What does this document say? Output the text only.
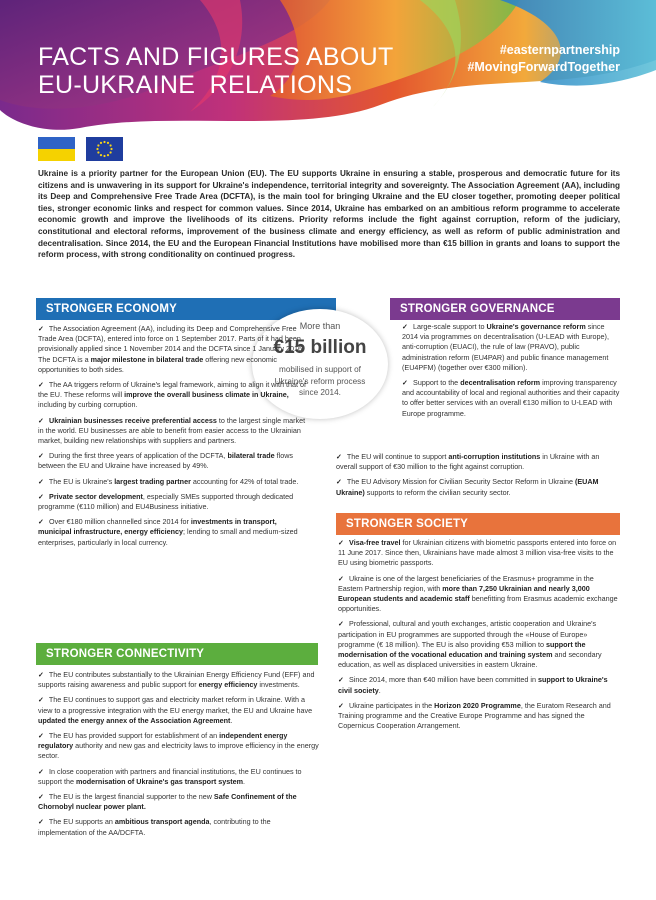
FACTS AND FIGURES ABOUT
EU-UKRAINE  RELATIONS
#easternpartnership
#MovingForwardTogether
Ukraine is a priority partner for the European Union (EU). The EU supports Ukraine in ensuring a stable, prosperous and democratic future for its citizens and is unwavering in its support for Ukraine's independence, territorial integrity and sovereignty. The Association Agreement (AA), including its Deep and Comprehensive Free Trade Area (DCFTA), is the main tool for bringing Ukraine and the EU closer together, promoting deeper political ties, stronger economic links and respect for common values. Since 2014, Ukraine has embarked on an ambitious reform programme to accelerate economic growth and improve the livelihoods of its citizens. Priority reforms include the fight against corruption, reform of the judiciary, constitutional and electoral reforms, improvement of the business climate and energy efficiency, as well as reform of public administration and decentralisation. Since 2014, the EU and the European Financial Institutions have mobilised more than €15 billion in grants and loans to support the reform process, with strong conditionality on continued progress.
STRONGER ECONOMY	STRONGER GOVERNANCE
STRONGER SOCIETY
STRONGER CONNECTIVITY
More than
€15 billion
mobilised in support of Ukraine's reform process since 2014.
✓ The Association Agreement (AA), including its Deep and Comprehensive Free Trade Area (DCFTA), entered into force on 1 September 2017. Parts of it had been provisionally applied since 1 November 2014 and the DCFTA since 1 January 2016. The DCFTA is a major milestone in bilateral trade offering new economic opportunities to both sides.
✓ The AA triggers reform of Ukraine's legal framework, aiming to align it with that of the EU. These reforms will improve the overall business climate in Ukraine, including by curbing corruption.
✓ Ukrainian businesses receive preferential access to the largest single market in the world. EU businesses are able to benefit from easier access to the Ukrainian market, building new relationships with suppliers and partners.
✓ During the first three years of application of the DCFTA, bilateral trade flows between the EU and Ukraine have increased by 49%.
✓ The EU is Ukraine's largest trading partner accounting for 42% of total trade.
✓ Private sector development, especially SMEs supported through dedicated programme (€110 million) and EU4Business initiative.
✓ Over €180 million channelled since 2014 for investments in transport, municipal infrastructure, energy efficiency; lending to small and medium-sized enterprises, particularly in local currency.
✓ Large-scale support to Ukraine's governance reform since 2014 via programmes on decentralisation (U-LEAD with Europe), anti-corruption (EUACI), the rule of law (PRAVO), public administration reform (EU4PAR) and public finance management (EU4PFM) (together over €300 million).
✓ Support to the decentralisation reform improving transparency and accountability of local and regional authorities and their capacity to offer better services with an overall €130 million to U-LEAD with Europe programme.
✓ The EU will continue to support anti-corruption institutions in Ukraine with an overall support of €30 million to the fight against corruption.
✓ The EU Advisory Mission for Civilian Security Sector Reform in Ukraine (EUAM Ukraine) supports to reform the civilian security sector.
✓ Visa-free travel for Ukrainian citizens with biometric passports entered into force on 11 June 2017. Since then, Ukrainians have made almost 3 million visa-free visits to the EU using biometric passports.
✓ Ukraine is one of the largest beneficiaries of the Erasmus+ programme in the Eastern Partnership region, with more than 7,250 Ukrainian and nearly 3,000 European students and academic staff benefitting from Erasmus academic exchange opportunities.
✓ Professional, cultural and youth exchanges, artistic cooperation and Ukraine's participation in EU programmes are supported through the «House of Europe» programme (€ 18 million). The EU is also providing €53 million to support the modernisation of the vocational education and training system and secondary education, as well as displaced universities in eastern Ukraine.
✓ Since 2014, more than €40 million have been committed in support to Ukraine's civil society.
✓ Ukraine participates in the Horizon 2020 Programme, the Euratom Research and Training programme and the Creative Europe Programme and has signed the Copernicus Cooperation Arrangement.
✓ The EU contributes substantially to the Ukrainian Energy Efficiency Fund (EFF) and supports raising awareness and public support for energy efficiency investments.
✓ The EU continues to support gas and electricity market reform in Ukraine. With a view to a progressive integration with the EU energy market, the EU and Ukraine have updated the energy annex of the Association Agreement.
✓ The EU has provided support for establishment of an independent energy regulatory authority and new gas and electricity laws to improve efficiency in the energy sector.
✓ In close cooperation with partners and financial institutions, the EU continues to support the modernisation of Ukraine's gas transport system.
✓ The EU is the largest financial supporter to the new Safe Confinement of the Chornobyl nuclear power plant.
✓ The EU supports an ambitious transport agenda, contributing to the implementation of the AA/DCFTA.
